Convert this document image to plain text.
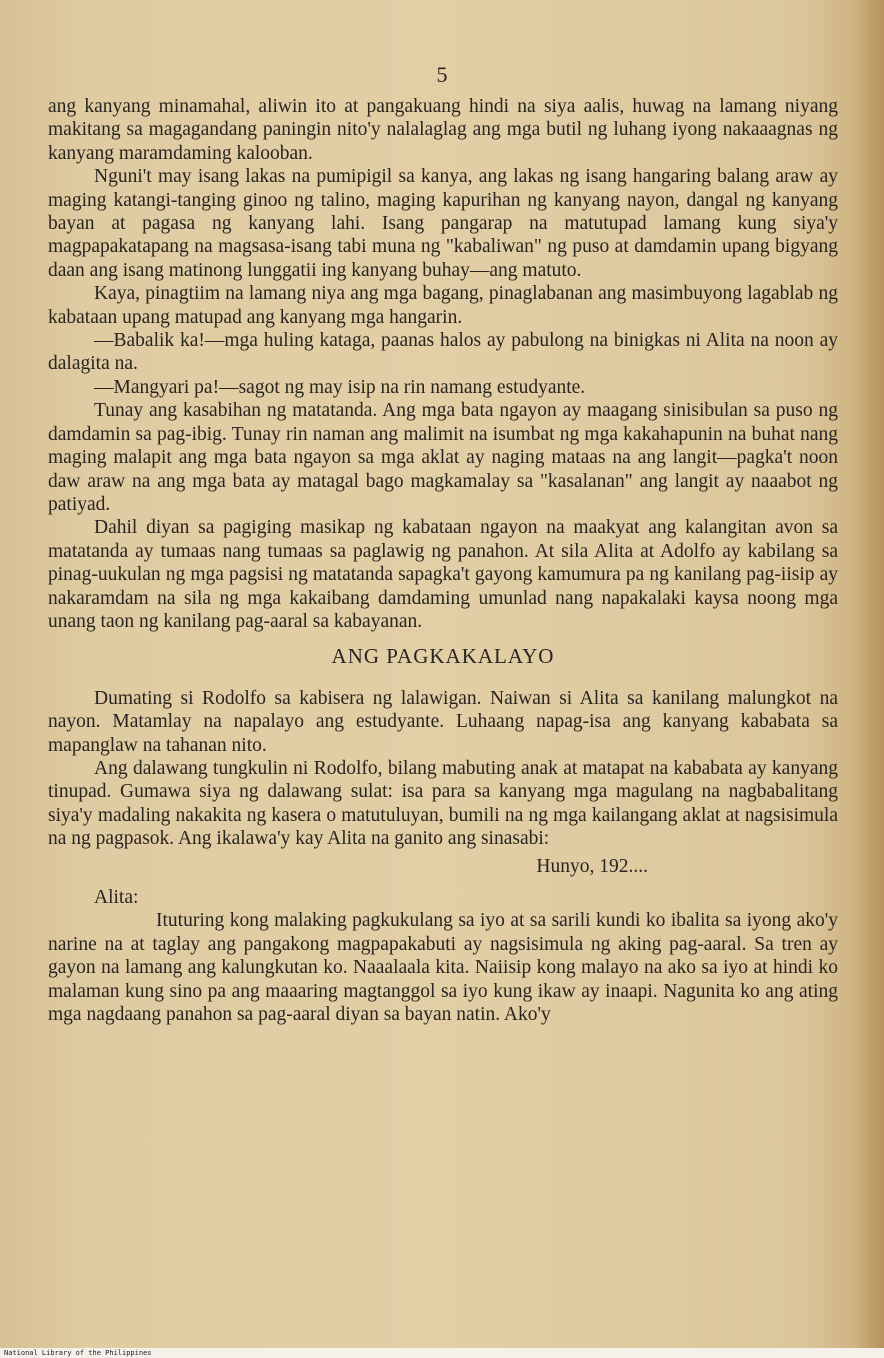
5

ang kanyang minamahal, aliwin ito at pangakuang hindi na siya aalis, huwag na lamang niyang makitang sa magagandang paningin nito'y nalalaglag ang mga butil ng luhang iyong nakaaagnas ng kanyang maramdaming kalooban.

Nguni't may isang lakas na pumipigil sa kanya, ang lakas ng isang hangaring balang araw ay maging katangi-tanging ginoo ng talino, maging kapurihan ng kanyang nayon, dangal ng kanyang bayan at pagasa ng kanyang lahi. Isang pangarap na matutupad lamang kung siya'y magpapakatapang na magsasa-isang tabi muna ng "kabaliwan" ng puso at damdamin upang bigyang daan ang isang matinong lunggatii ing kanyang buhay—ang matuto.

Kaya, pinagtiim na lamang niya ang mga bagang, pinaglabanan ang masimbuyong lagablab ng kabataan upang matupad ang kanyang mga hangarin.

—Babalik ka!—mga huling kataga, paanas halos ay pabulong na binigkas ni Alita na noon ay dalagita na.

—Mangyari pa!—sagot ng may isip na rin namang estudyante.

Tunay ang kasabihan ng matatanda. Ang mga bata ngayon ay maagang sinisibulan sa puso ng damdamin sa pag-ibig. Tunay rin naman ang malimit na isumbat ng mga kakahapunin na buhat nang maging malapit ang mga bata ngayon sa mga aklat ay naging mataas na ang langit—pagka't noon daw araw na ang mga bata ay matagal bago magkamalay sa "kasalanan" ang langit ay naaabot ng patiyad.

Dahil diyan sa pagiging masikap ng kabataan ngayon na maakyat ang kalangitan avon sa matatanda ay tumaas nang tumaas sa paglawig ng panahon. At sila Alita at Adolfo ay kabilang sa pinag-uukulan ng mga pagsisi ng matatanda sapagka't gayong kamumura pa ng kanilang pag-iisip ay nakaramdam na sila ng mga kakaibang damdaming umunlad nang napakalaki kaysa noong mga unang taon ng kanilang pag-aaral sa kabayanan.

ANG PAGKAKALAYO

Dumating si Rodolfo sa kabisera ng lalawigan. Naiwan si Alita sa kanilang malungkot na nayon. Matamlay na napalayo ang estudyante. Luhaang napag-isa ang kanyang kababata sa mapanglaw na tahanan nito.

Ang dalawang tungkulin ni Rodolfo, bilang mabuting anak at matapat na kababata ay kanyang tinupad. Gumawa siya ng dalawang sulat: isa para sa kanyang mga magulang na nagbabalitang siya'y madaling nakakita ng kasera o matutuluyan, bumili na ng mga kailangang aklat at nagsisimula na ng pagpasok. Ang ikalawa'y kay Alita na ganito ang sinasabi:

Hunyo, 192....
Alita:

Ituturing kong malaking pagkukulang sa iyo at sa sarili kundi ko ibalita sa iyong ako'y narine na at taglay ang pangakong magpapakabuti ay nagsisimula ng aking pag-aaral. Sa tren ay gayon na lamang ang kalungkutan ko. Naaalaala kita. Naiisip kong malayo na ako sa iyo at hindi ko malaman kung sino pa ang maaaring magtanggol sa iyo kung ikaw ay inaapi. Nagunita ko ang ating mga nagdaang panahon sa pag-aaral diyan sa bayan natin. Ako'y

National Library of the Philippines
